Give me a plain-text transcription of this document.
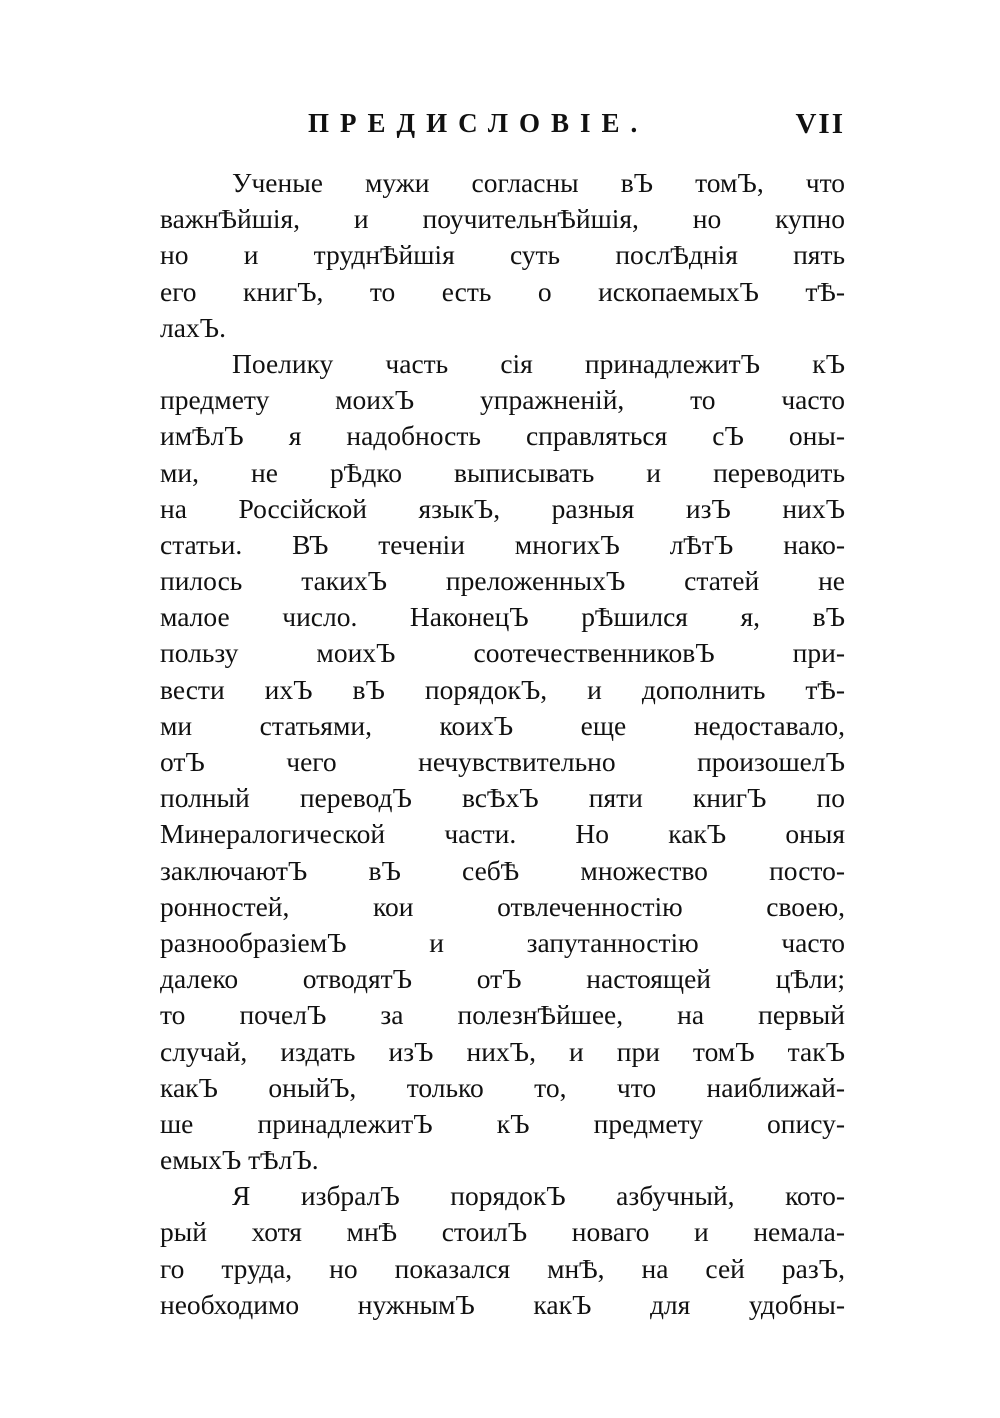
ПРЕДИСЛОВІЕ.	VII
Ученые мужи согласны вЪ томЪ, что
важнѢйшія, и поучительнѢйшія, но купно
но и труднѢйшія суть послѢднія пять
его книгЪ, то есть о ископаемыхЪ тѢ-
лахЪ.
Поелику часть сія принадлежитЪ кЪ
предмету моихЪ упражненій, то часто
имѢлЪ я надобность справляться сЪ оны-
ми, не рѢдко выписывать и переводить
на Россійской языкЪ, разныя изЪ нихЪ
статьи. ВЪ теченіи многихЪ лѢтЪ нако-
пилось такихЪ преложенныхЪ статей не
малое число. НаконецЪ рѢшился я, вЪ
пользу моихЪ соотечественниковЪ при-
вести ихЪ вЪ порядокЪ, и дополнить тѢ-
ми статьями, коихЪ еще недоставало,
отЪ чего нечувствительно произошелЪ
полный переводЪ всѢхЪ пяти книгЪ по
Минералогической части. Но какЪ оныя
заключаютЪ вЪ себѢ множество посто-
ронностей, кои отвлеченностію своею,
разнообразіемЪ и запутанностію часто
далеко отводятЪ отЪ настоящей цѢли;
то почелЪ за полезнѢйшее, на первый
случай, издать изЪ нихЪ, и при томЪ такЪ
какЪ оныйЪ, только то, что наиближай-
ше принадлежитЪ кЪ предмету опису-
емыхЪ тѢлЪ.
Я избралЪ порядокЪ азбучный, кото-
рый хотя мнѢ стоилЪ новаго и немала-
го труда, но показался мнѢ, на сей разЪ,
необходимо нужнымЪ какЪ для удобны-
